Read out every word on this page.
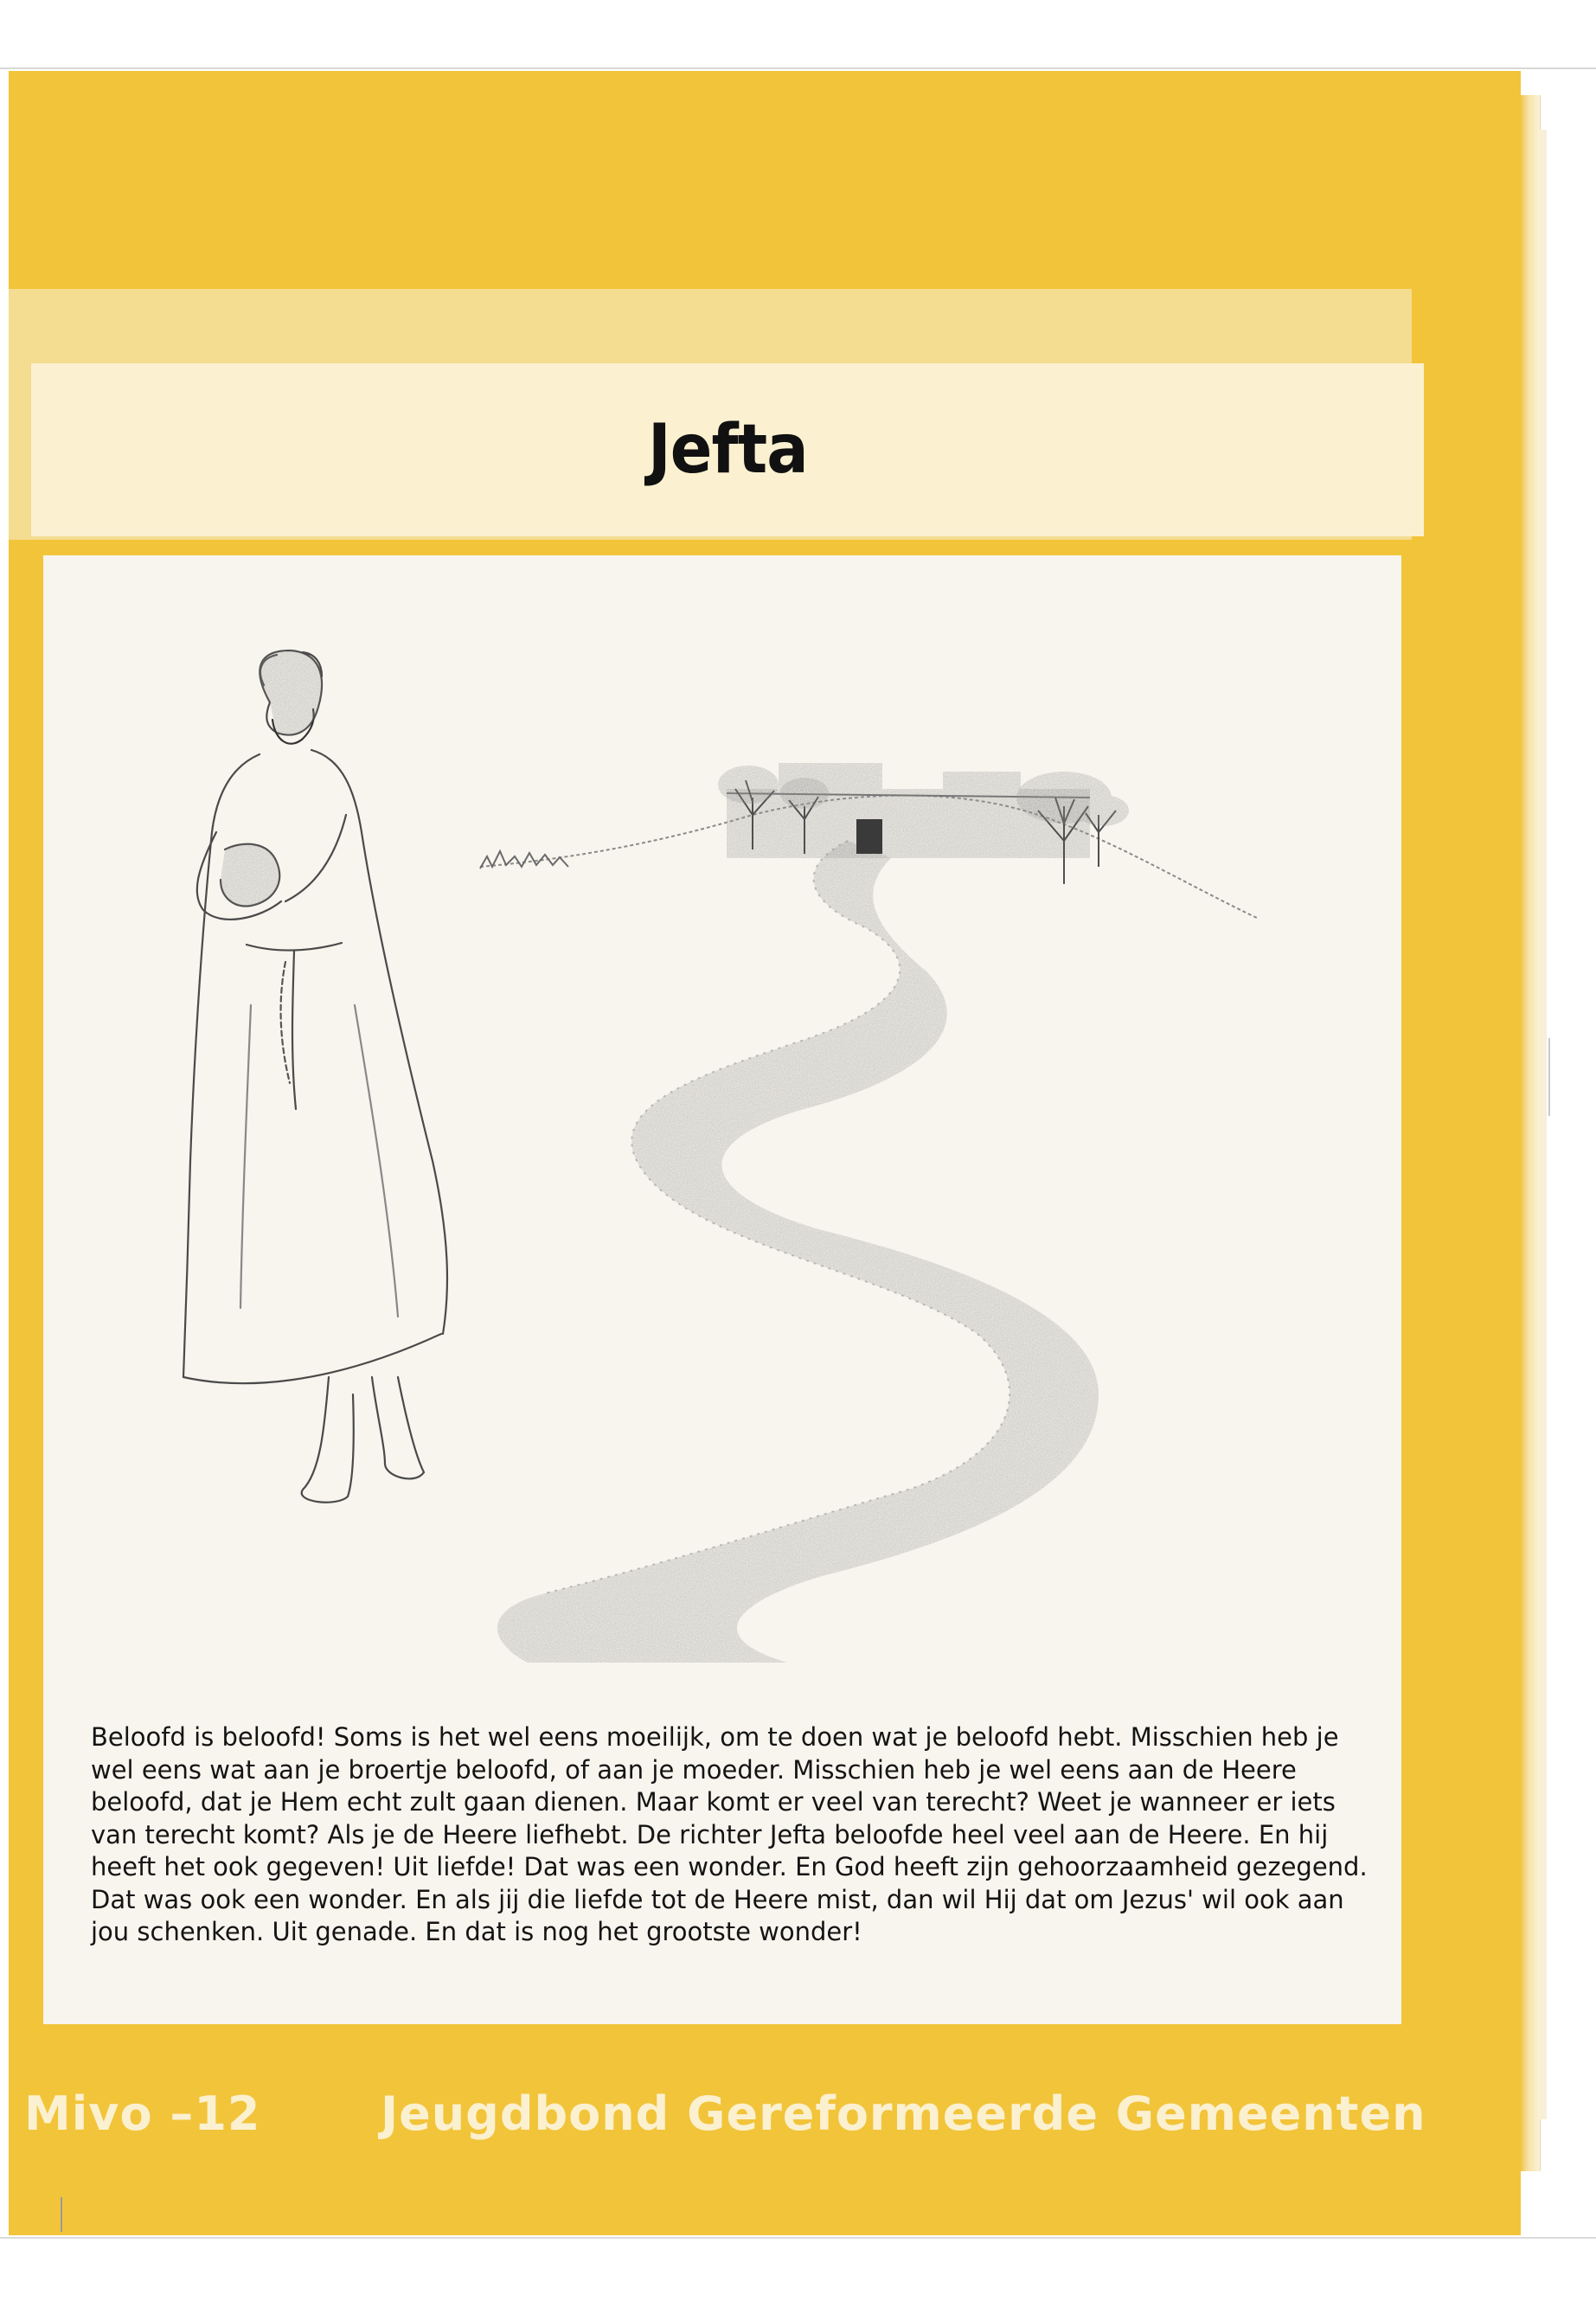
Jefta

Beloofd is beloofd! Soms is het wel eens moeilijk, om te doen wat je beloofd hebt. Misschien heb je wel eens wat aan je broertje beloofd, of aan je moeder. Misschien heb je wel eens aan de Heere beloofd, dat je Hem echt zult gaan dienen. Maar komt er veel van terecht? Weet je wanneer er iets van terecht komt? Als je de Heere liefhebt. De richter Jefta beloofde heel veel aan de Heere. En hij heeft het ook gegeven! Uit liefde! Dat was een wonder. En God heeft zijn gehoorzaamheid gezegend. Dat was ook een wonder. En als jij die liefde tot de Heere mist, dan wil Hij dat om Jezus' wil ook aan jou schenken. Uit genade. En dat is nog het grootste wonder!

Mivo –12	Jeugdbond Gereformeerde Gemeenten
